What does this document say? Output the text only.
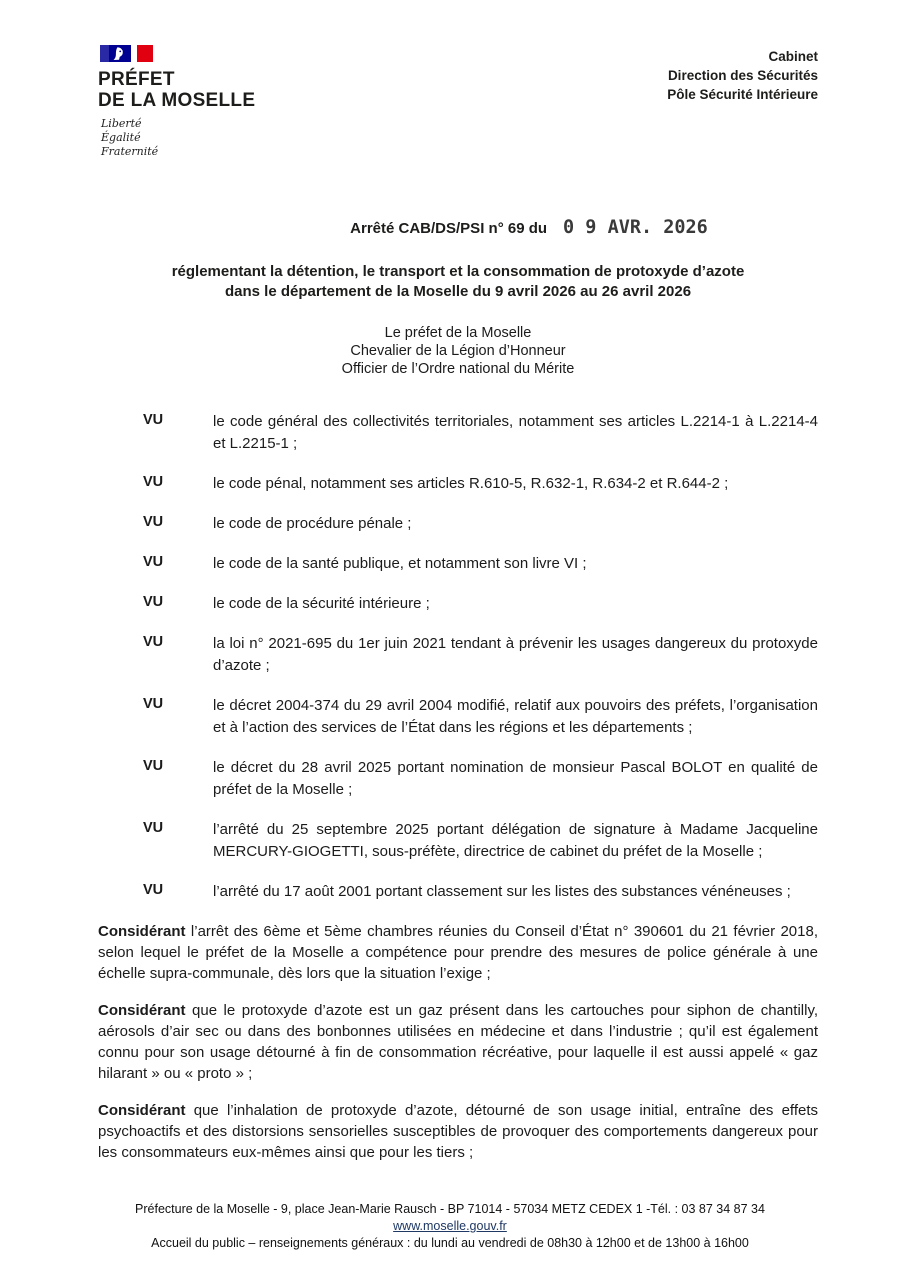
PRÉFET
DE LA MOSELLE
Liberté
Égalité
Fraternité
Cabinet
Direction des Sécurités
Pôle Sécurité Intérieure
Arrêté CAB/DS/PSI n° 69 du 0 9 AVR. 2026
réglementant la détention, le transport et la consommation de protoxyde d’azote
dans le département de la Moselle du 9 avril 2026 au 26 avril 2026
Le préfet de la Moselle
Chevalier de la Légion d’Honneur
Officier de l’Ordre national du Mérite
VU	le code général des collectivités territoriales, notamment ses articles L.2214-1 à L.2214-4 et L.2215-1 ;

VU	le code pénal, notamment ses articles R.610-5, R.632-1, R.634-2 et R.644-2 ;

VU	le code de procédure pénale ;

VU	le code de la santé publique, et notamment son livre VI ;

VU	le code de la sécurité intérieure ;

VU	la loi n° 2021-695 du 1er juin 2021 tendant à prévenir les usages dangereux du protoxyde d’azote ;

VU	le décret 2004-374 du 29 avril 2004 modifié, relatif aux pouvoirs des préfets, l’organisation et à l’action des services de l’État dans les régions et les départements ;

VU	le décret du 28 avril 2025 portant nomination de monsieur Pascal BOLOT en qualité de préfet de la Moselle ;

VU	l’arrêté du 25 septembre 2025 portant délégation de signature à Madame Jacqueline MERCURY-GIOGETTI, sous-préfète, directrice de cabinet du préfet de la Moselle ;

VU	l’arrêté du 17 août 2001 portant classement sur les listes des substances vénéneuses ;

Considérant l’arrêt des 6ème et 5ème chambres réunies du Conseil d’État n° 390601 du 21 février 2018, selon lequel le préfet de la Moselle a compétence pour prendre des mesures de police générale à une échelle supra-communale, dès lors que la situation l’exige ;

Considérant que le protoxyde d’azote est un gaz présent dans les cartouches pour siphon de chantilly, aérosols d’air sec ou dans des bonbonnes utilisées en médecine et dans l’industrie ; qu’il est également connu pour son usage détourné à fin de consommation récréative, pour laquelle il est aussi appelé « gaz hilarant » ou « proto » ;

Considérant que l’inhalation de protoxyde d’azote, détourné de son usage initial, entraîne des effets psychoactifs et des distorsions sensorielles susceptibles de provoquer des comportements dangereux pour les consommateurs eux-mêmes ainsi que pour les tiers ;

Préfecture de la Moselle - 9, place Jean-Marie Rausch - BP 71014 - 57034 METZ CEDEX 1 -Tél. : 03 87 34 87 34
www.moselle.gouv.fr
Accueil du public – renseignements généraux : du lundi au vendredi de 08h30 à 12h00 et de 13h00 à 16h00
